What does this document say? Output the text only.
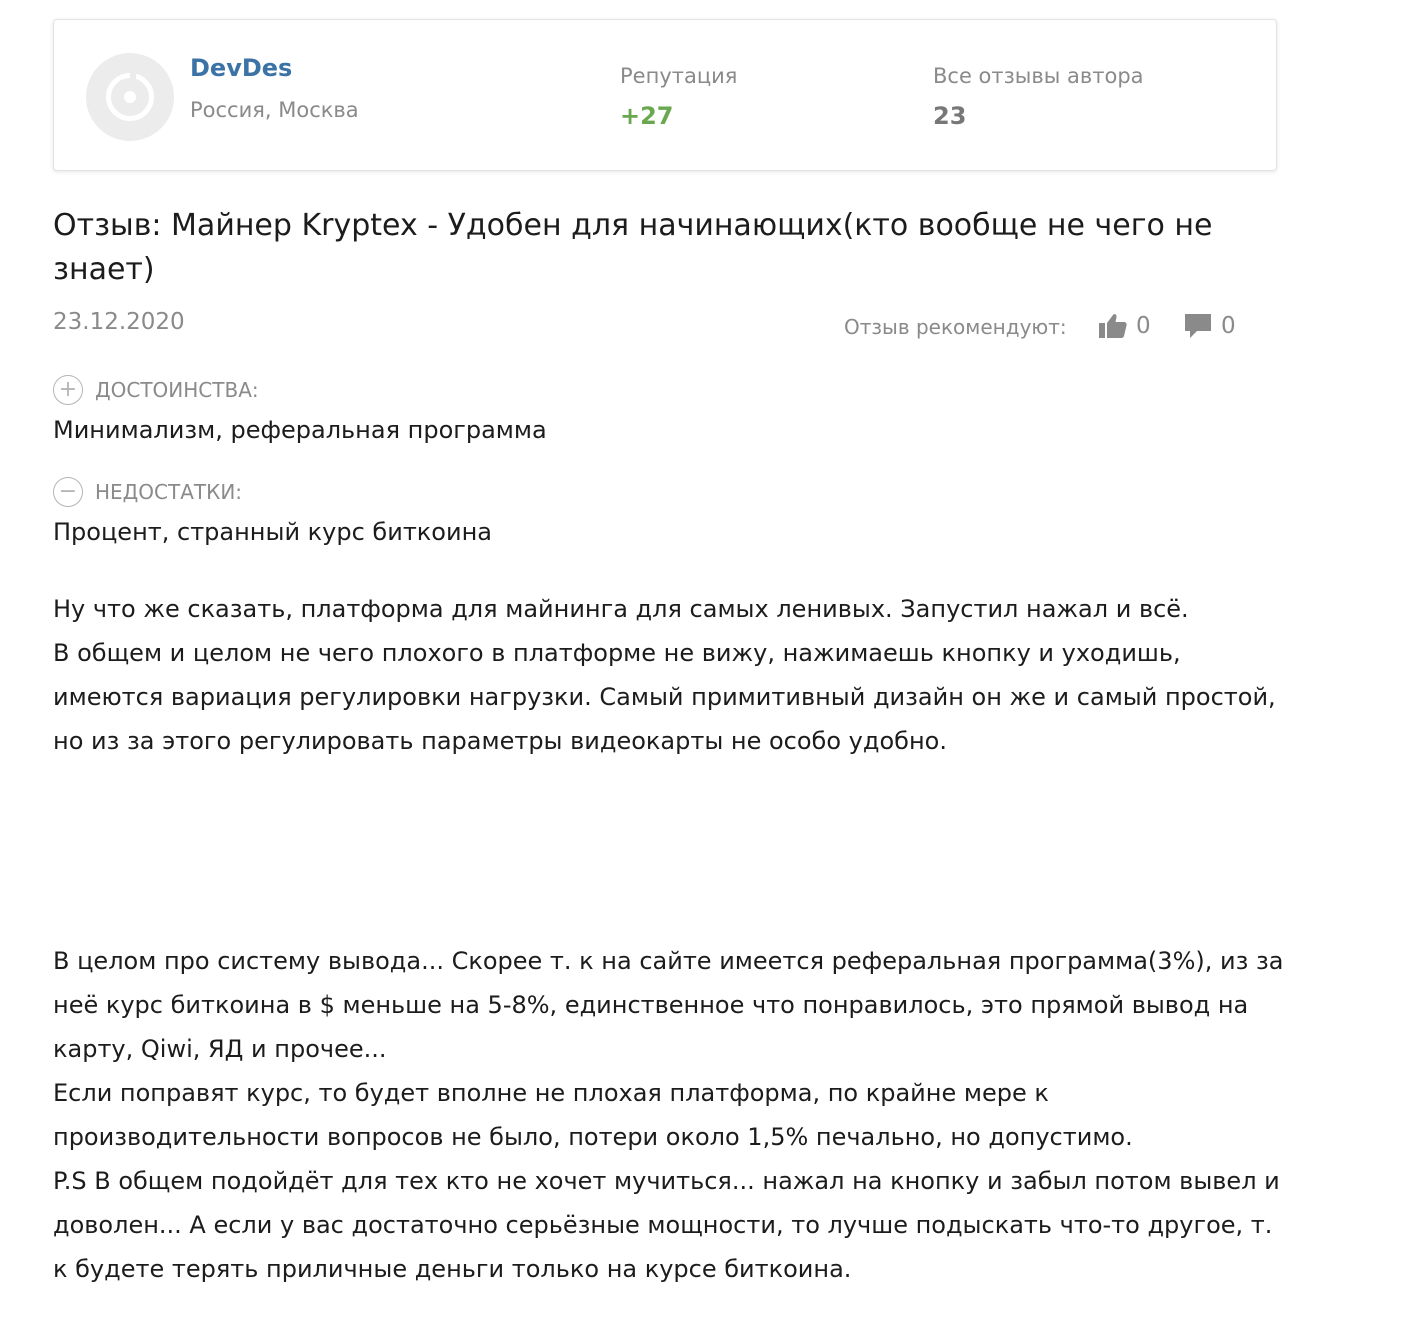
DevDes
Россия, Москва
Репутация
+27
Все отзывы автора
23
Отзыв: Майнер Kryptex - Удобен для начинающих(кто вообще не чего не знает)
23.12.2020	Отзыв рекомендуют:	0	0
+ ДОСТОИНСТВА:
Минимализм, реферальная программа
− НЕДОСТАТКИ:
Процент, странный курс биткоина

Ну что же сказать, платформа для майнинга для самых ленивых. Запустил нажал и всё.
В общем и целом не чего плохого в платформе не вижу, нажимаешь кнопку и уходишь, имеются вариация регулировки нагрузки. Самый примитивный дизайн он же и самый простой, но из за этого регулировать параметры видеокарты не особо удобно.

В целом про систему вывода... Скорее т. к на сайте имеется реферальная программа(3%), из за неё курс биткоина в $ меньше на 5-8%, единственное что понравилось, это прямой вывод на карту, Qiwi, ЯД и прочее...
Если поправят курс, то будет вполне не плохая платформа, по крайне мере к производительности вопросов не было, потери около 1,5% печально, но допустимо.
P.S В общем подойдёт для тех кто не хочет мучиться... нажал на кнопку и забыл потом вывел и доволен... А если у вас достаточно серьёзные мощности, то лучше подыскать что-то другое, т. к будете терять приличные деньги только на курсе биткоина.
